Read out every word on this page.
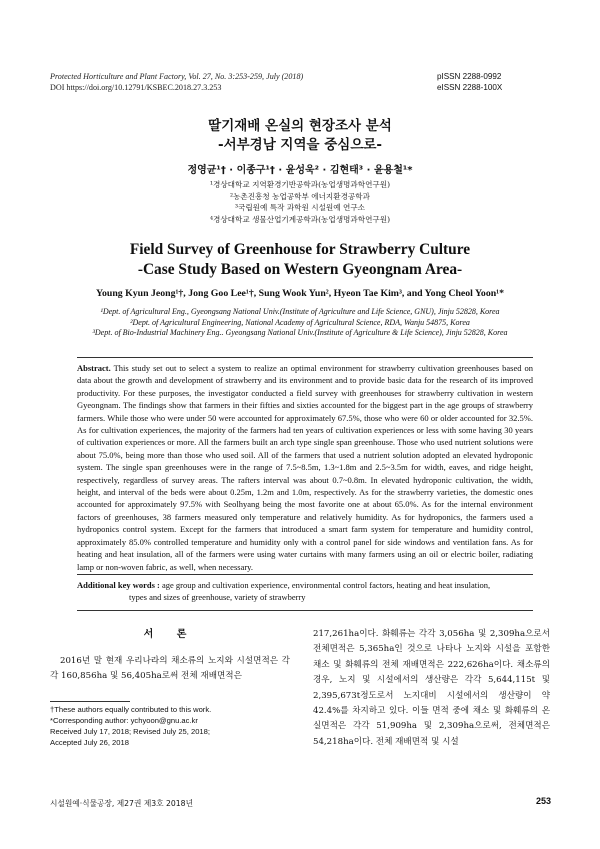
Protected Horticulture and Plant Factory, Vol. 27, No. 3:253-259, July (2018)
DOI https://doi.org/10.12791/KSBEC.2018.27.3.253
pISSN 2288-0992
eISSN 2288-100X
딸기재배 온실의 현장조사 분석
-서부경남 지역을 중심으로-
정영균¹† · 이종구¹† · 윤성욱² · 김현태³ · 윤용철¹*
¹경상대학교 지역환경기반공학과(농업생명과학연구원)
²농촌진흥청 농업공학부 에너지환경공학과
³국립원예 특작 과학원 시설원예 연구소
⁴경상대학교 생물산업기계공학과(농업생명과학연구원)
Field Survey of Greenhouse for Strawberry Culture
-Case Study Based on Western Gyeongnam Area-
Young Kyun Jeong¹†, Jong Goo Lee¹†, Sung Wook Yun², Hyeon Tae Kim³, and Yong Cheol Yoon¹*
¹Dept. of Agricultural Eng., Gyeongsang National Univ.(Institute of Agriculture and Life Science, GNU), Jinju 52828, Korea
²Dept. of Agricultural Engineering, National Academy of Agricultural Science, RDA, Wanju 54875, Korea
³Dept. of Bio-Industrial Machinery Eng.. Gyeongsang National Univ.(Institute of Agriculture & Life Science), Jinju 52828, Korea
Abstract. This study set out to select a system to realize an optimal environment for strawberry cultivation greenhouses based on data about the growth and development of strawberry and its environment and to provide basic data for the research of its improved productivity. For these purposes, the investigator conducted a field survey with greenhouses for strawberry cultivation in western Gyeongnam. The findings show that farmers in their fifties and sixties accounted for the biggest part in the age groups of strawberry farmers. While those who were under 50 were accounted for approximately 67.5%, those who were 60 or older accounted for 32.5%. As for cultivation experiences, the majority of the farmers had ten years of cultivation experiences or less with some having 30 years of cultivation experiences or more. All the farmers built an arch type single span greenhouse. Those who used nutrient solutions were about 75.0%, being more than those who used soil. All of the farmers that used a nutrient solution adopted an elevated hydroponic system. The single span greenhouses were in the range of 7.5~8.5m, 1.3~1.8m and 2.5~3.5m for width, eaves, and ridge height, respectively, regardless of survey areas. The rafters interval was about 0.7~0.8m. In elevated hydroponic cultivation, the width, height, and interval of the beds were about 0.25m, 1.2m and 1.0m, respectively. As for the strawberry varieties, the domestic ones accounted for approximately 97.5% with Seolhyang being the most favorite one at about 65.0%. As for the internal environment factors of greenhouses, 38 farmers measured only temperature and relatively humidity. As for hydroponics, the farmers used a hydroponics control system. Except for the farmers that introduced a smart farm system for temperature and humidity control, approximately 85.0% controlled temperature and humidity only with a control panel for side windows and ventilation fans. As for heating and heat insulation, all of the farmers were using water curtains with many farmers using an oil or electric boiler, radiating lamp or non-woven fabric, as well, when necessary.
Additional key words : age group and cultivation experience, environmental control factors, heating and heat insulation,
types and sizes of greenhouse, variety of strawberry
서 론
2016년 말 현재 우리나라의 채소류의 노지와 시설면적은 각각 160,856ha 및 56,405ha로써 전체 재배면적은
†These authors equally contributed to this work.
*Corresponding author: ychyoon@gnu.ac.kr
Received July 17, 2018; Revised July 25, 2018;
Accepted July 26, 2018
217,261ha이다. 화훼류는 각각 3,056ha 및 2,309ha으로서 전체면적은 5,365ha인 것으로 나타나 노지와 시설을 포함한 채소 및 화훼류의 전체 재배면적은 222,626ha이다. 채소류의 경우, 노지 및 시설에서의 생산량은 각각 5,644,115t 및 2,395,673t정도로서 노지대비 시설에서의 생산량이 약 42.4%를 차지하고 있다. 이들 면적 중에 채소 및 화훼류의 온실면적은 각각 51,909ha 및 2,309ha으로써, 전체면적은 54,218ha이다. 전체 재배면적 및 시설
시설원예·식물공장, 제27권 제3호 2018년	253
